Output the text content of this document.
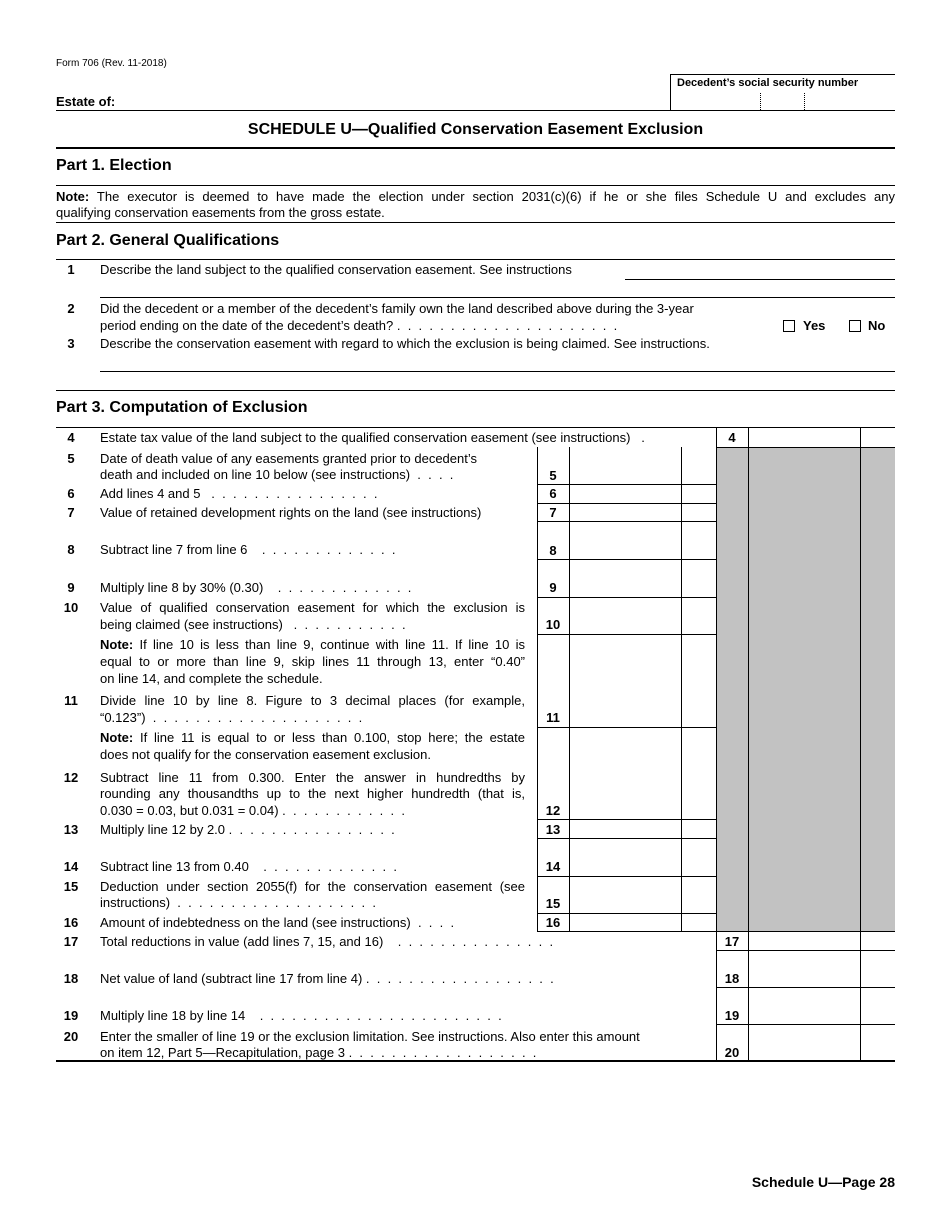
Form 706 (Rev. 11-2018)
Decedent’s social security number
Estate of:
SCHEDULE U—Qualified Conservation Easement Exclusion
Part 1. Election
Note: The executor is deemed to have made the election under section 2031(c)(6) if he or she files Schedule U and excludes any
qualifying conservation easements from the gross estate.
Part 2. General Qualifications
1	Describe the land subject to the qualified conservation easement. See instructions
2	Did the decedent or a member of the decedent’s family own the land described above during the 3-year
period ending on the date of the decedent’s death? .  .  .  .  .  .  .  .  .  .  .  .  .  .  .  .  .  .  .  .  .	Yes	No
3	Describe the conservation easement with regard to which the exclusion is being claimed. See instructions.
Part 3. Computation of Exclusion
4	Estate tax value of the land subject to the qualified conservation easement (see instructions)   .	4
5	Date of death value of any easements granted prior to decedent’s
death and included on line 10 below (see instructions)  .  .  .  .	5
6	Add lines 4 and 5   .  .  .  .  .  .  .  .  .  .  .  .  .  .  .  .	6
7	Value of retained development rights on the land (see instructions)	7
8	Subtract line 7 from line 6    .  .  .  .  .  .  .  .  .  .  .  .  .	8
9	Multiply line 8 by 30% (0.30)    .  .  .  .  .  .  .  .  .  .  .  .  .	9
10	Value of qualified conservation easement for which the exclusion is
being claimed (see instructions)   .  .  .  .  .  .  .  .  .  .  .	10
Note: If line 10 is less than line 9, continue with line 11. If line 10 is
equal to or more than line 9, skip lines 11 through 13, enter “0.40”
on line 14, and complete the schedule.
11	Divide line 10 by line 8. Figure to 3 decimal places (for example,
“0.123”)  .  .  .  .  .  .  .  .  .  .  .  .  .  .  .  .  .  .  .  .	11
Note: If line 11 is equal to or less than 0.100, stop here; the estate
does not qualify for the conservation easement exclusion.
12	Subtract line 11 from 0.300. Enter the answer in hundredths by
rounding any thousandths up to the next higher hundredth (that is,
0.030 = 0.03, but 0.031 = 0.04) .  .  .  .  .  .  .  .  .  .  .  .	12
13	Multiply line 12 by 2.0 .  .  .  .  .  .  .  .  .  .  .  .  .  .  .  .	13
14	Subtract line 13 from 0.40    .  .  .  .  .  .  .  .  .  .  .  .  .	14
15	Deduction under section 2055(f) for the conservation easement (see
instructions)  .  .  .  .  .  .  .  .  .  .  .  .  .  .  .  .  .  .  .	15
16	Amount of indebtedness on the land (see instructions)  .  .  .  .	16
17	Total reductions in value (add lines 7, 15, and 16)    .  .  .  .  .  .  .  .  .  .  .  .  .  .  .	17
18	Net value of land (subtract line 17 from line 4) .  .  .  .  .  .  .  .  .  .  .  .  .  .  .  .  .  .	18
19	Multiply line 18 by line 14    .  .  .  .  .  .  .  .  .  .  .  .  .  .  .  .  .  .  .  .  .  .  .	19
20	Enter the smaller of line 19 or the exclusion limitation. See instructions. Also enter this amount
on item 12, Part 5—Recapitulation, page 3 .  .  .  .  .  .  .  .  .  .  .  .  .  .  .  .  .  .	20
Schedule U—Page 28
